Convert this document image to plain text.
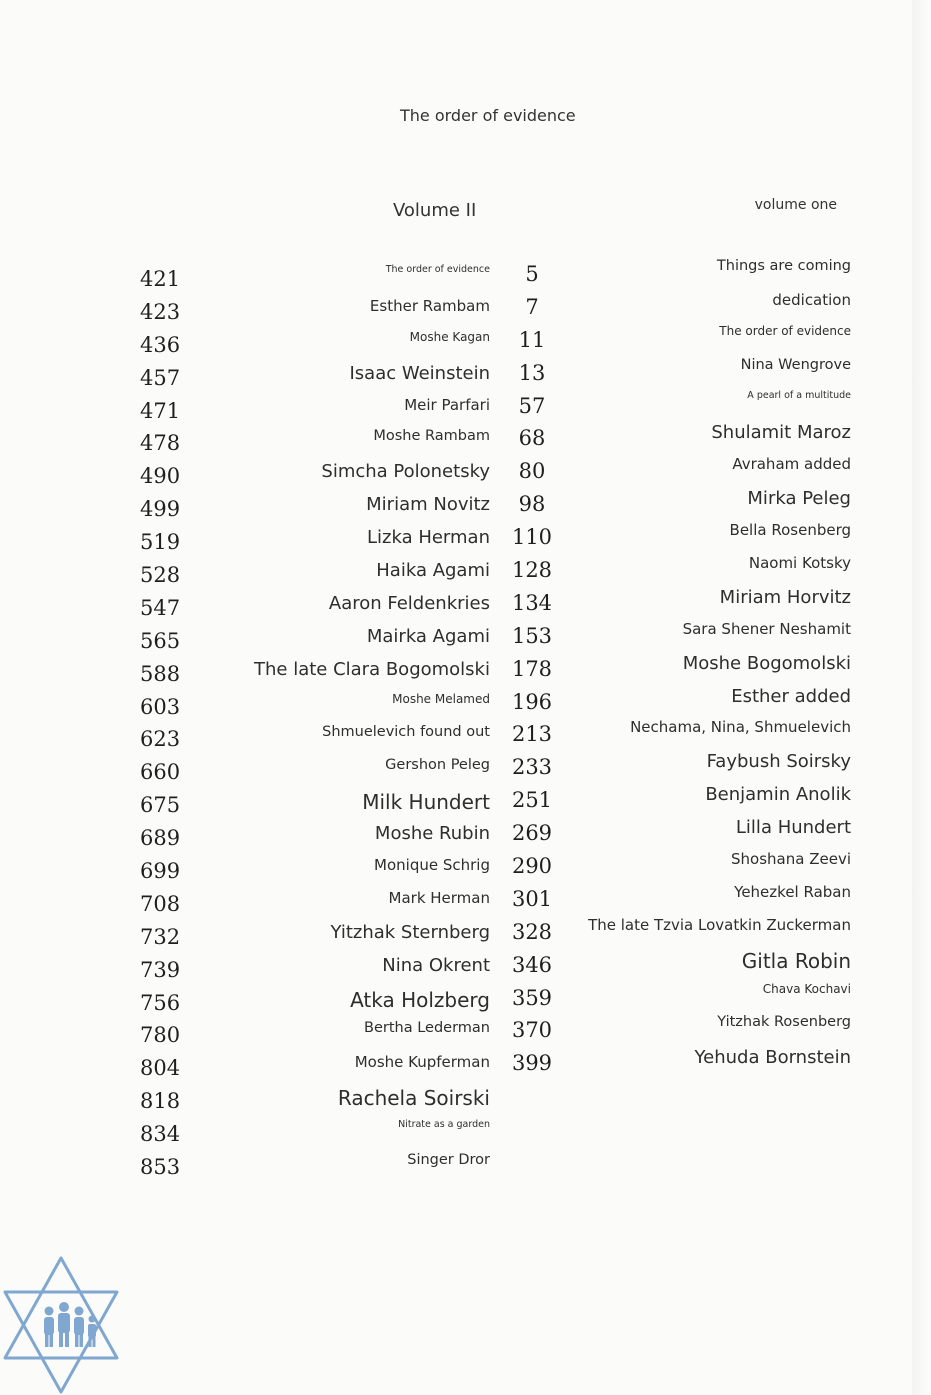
The order of evidence
Volume II	volume one
421
423
436
457
471
478
490
499
519
528
547
565
588
603
623
660
675
689
699
708
732
739
756
780
804
818
834
853
The order of evidence
Esther Rambam
Moshe Kagan
Isaac Weinstein
Meir Parfari
Moshe Rambam
Simcha Polonetsky
Miriam Novitz
Lizka Herman
Haika Agami
Aaron Feldenkries
Mairka Agami
The late Clara Bogomolski
Moshe Melamed
Shmuelevich found out
Gershon Peleg
Milk Hundert
Moshe Rubin
Monique Schrig
Mark Herman
Yitzhak Sternberg
Nina Okrent
Atka Holzberg
Bertha Lederman
Moshe Kupferman
Rachela Soirski
Nitrate as a garden
Singer Dror
5
7
11
13
57
68
80
98
110
128
134
153
178
196
213
233
251
269
290
301
328
346
359
370
399
Things are coming
dedication
The order of evidence
Nina Wengrove
A pearl of a multitude
Shulamit Maroz
Avraham added
Mirka Peleg
Bella Rosenberg
Naomi Kotsky
Miriam Horvitz
Sara Shener Neshamit
Moshe Bogomolski
Esther added
Nechama, Nina, Shmuelevich
Faybush Soirsky
Benjamin Anolik
Lilla Hundert
Shoshana Zeevi
Yehezkel Raban
The late Tzvia Lovatkin Zuckerman
Gitla Robin
Chava Kochavi
Yitzhak Rosenberg
Yehuda Bornstein
